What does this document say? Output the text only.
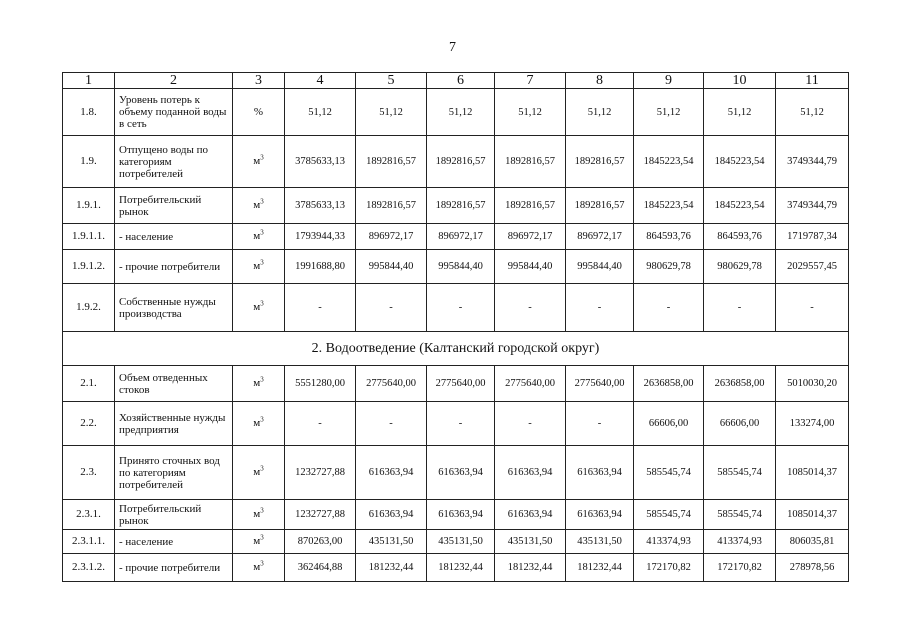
7
1	2	3	4	5	6	7	8	9	10	11
1.8.	Уровень потерь к объему поданной воды в сеть	%	51,12	51,12	51,12	51,12	51,12	51,12	51,12	51,12
1.9.	Отпущено воды по категориям потребителей	$м^3$	3785633,13	1892816,57	1892816,57	1892816,57	1892816,57	1845223,54	1845223,54	3749344,79
1.9.1.	Потребительский рынок	$м^3$	3785633,13	1892816,57	1892816,57	1892816,57	1892816,57	1845223,54	1845223,54	3749344,79
1.9.1.1.	- население	$м^3$	1793944,33	896972,17	896972,17	896972,17	896972,17	864593,76	864593,76	1719787,34
1.9.1.2.	- прочие потребители	$м^3$	1991688,80	995844,40	995844,40	995844,40	995844,40	980629,78	980629,78	2029557,45
1.9.2.	Собственные нужды производства	$м^3$	-	-	-	-	-	-	-	-
2. Водоотведение (Калтанский городской округ)										
2.1.	Объем отведенных стоков	$м^3$	5551280,00	2775640,00	2775640,00	2775640,00	2775640,00	2636858,00	2636858,00	5010030,20
2.2.	Хозяйственные нужды предприятия	$м^3$	-	-	-	-	-	66606,00	66606,00	133274,00
2.3.	Принято сточных вод по категориям потребителей	$м^3$	1232727,88	616363,94	616363,94	616363,94	616363,94	585545,74	585545,74	1085014,37
2.3.1.	Потребительский рынок	$м^3$	1232727,88	616363,94	616363,94	616363,94	616363,94	585545,74	585545,74	1085014,37
2.3.1.1.	- население	$м^3$	870263,00	435131,50	435131,50	435131,50	435131,50	413374,93	413374,93	806035,81
2.3.1.2.	- прочие потребители	$м^3$	362464,88	181232,44	181232,44	181232,44	181232,44	172170,82	172170,82	278978,56
